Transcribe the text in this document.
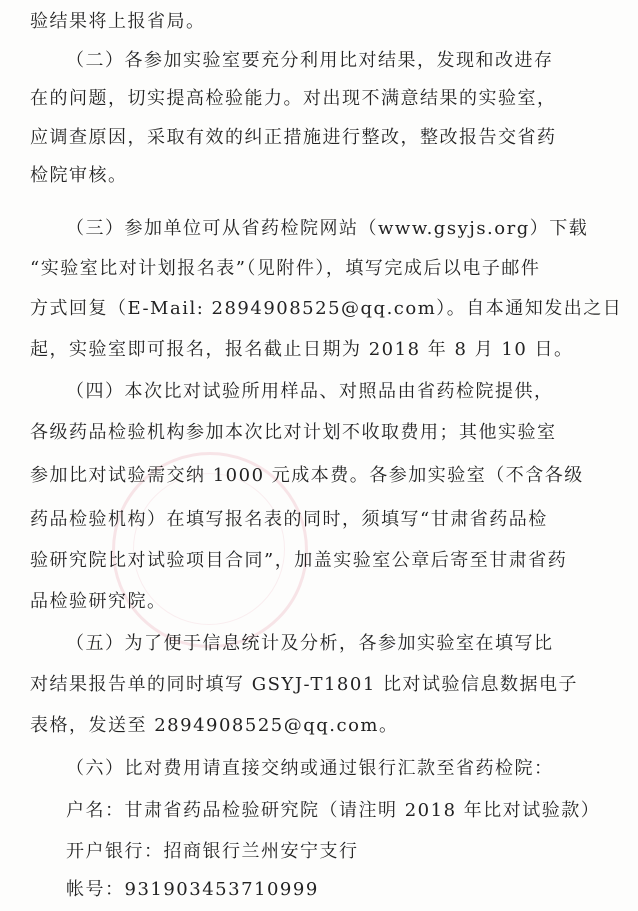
验结果将上报省局。
（二）各参加实验室要充分利用比对结果，发现和改进存
在的问题，切实提高检验能力。对出现不满意结果的实验室，
应调查原因，采取有效的纠正措施进行整改，整改报告交省药
检院审核。
（三）参加单位可从省药检院网站（www.gsyjs.org）下载
“实验室比对计划报名表”（见附件），填写完成后以电子邮件
方式回复（E-Mail: 2894908525@qq.com）。自本通知发出之日
起，实验室即可报名，报名截止日期为 2018 年 8 月 10 日。
（四）本次比对试验所用样品、对照品由省药检院提供，
各级药品检验机构参加本次比对计划不收取费用；其他实验室
参加比对试验需交纳 1000 元成本费。各参加实验室（不含各级
药品检验机构）在填写报名表的同时，须填写“甘肃省药品检
验研究院比对试验项目合同”，加盖实验室公章后寄至甘肃省药
品检验研究院。
（五）为了便于信息统计及分析，各参加实验室在填写比
对结果报告单的同时填写 GSYJ-T1801 比对试验信息数据电子
表格，发送至 2894908525@qq.com。
（六）比对费用请直接交纳或通过银行汇款至省药检院：
户名：甘肃省药品检验研究院（请注明 2018 年比对试验款）
开户银行：招商银行兰州安宁支行
帐号：931903453710999
